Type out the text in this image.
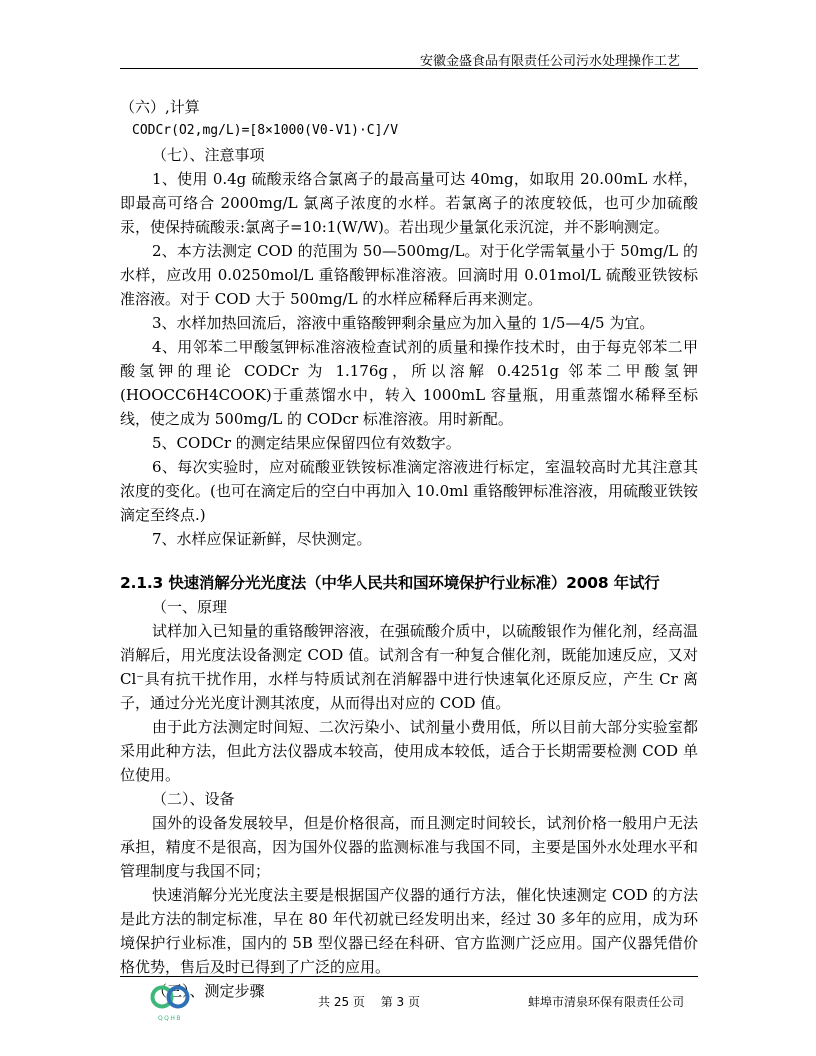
安徽金盛食品有限责任公司污水处理操作工艺

（六）,计算

CODCr(O2,mg/L)=[8×1000(V0-V1)·C]/V

（七）、注意事项

1、使用 0.4g 硫酸汞络合氯离子的最高量可达 40mg，如取用 20.00mL 水样，即最高可络合 2000mg/L 氯离子浓度的水样。若氯离子的浓度较低，也可少加硫酸汞，使保持硫酸汞:氯离子=10:1(W/W)。若出现少量氯化汞沉淀，并不影响测定。

2、本方法测定 COD 的范围为 50—500mg/L。对于化学需氧量小于 50mg/L 的水样，应改用 0.0250mol/L 重铬酸钾标准溶液。回滴时用 0.01mol/L 硫酸亚铁铵标准溶液。对于 COD 大于 500mg/L 的水样应稀释后再来测定。

3、水样加热回流后，溶液中重铬酸钾剩余量应为加入量的 1/5—4/5 为宜。

4、用邻苯二甲酸氢钾标准溶液检查试剂的质量和操作技术时，由于每克邻苯二甲酸氢钾的理论 CODCr 为 1.176g，所以溶解 0.4251g 邻苯二甲酸氢钾(HOOCC6H4COOK)于重蒸馏水中，转入 1000mL 容量瓶，用重蒸馏水稀释至标线，使之成为 500mg/L 的 CODcr 标准溶液。用时新配。

5、CODCr 的测定结果应保留四位有效数字。

6、每次实验时，应对硫酸亚铁铵标准滴定溶液进行标定，室温较高时尤其注意其浓度的变化。(也可在滴定后的空白中再加入 10.0ml 重铬酸钾标准溶液，用硫酸亚铁铵滴定至终点.)

7、水样应保证新鲜，尽快测定。

2.1.3 快速消解分光光度法（中华人民共和国环境保护行业标准）2008 年试行

（一、原理

试样加入已知量的重铬酸钾溶液，在强硫酸介质中，以硫酸银作为催化剂，经高温消解后，用光度法设备测定 COD 值。试剂含有一种复合催化剂，既能加速反应，又对 Cl⁻具有抗干扰作用，水样与特质试剂在消解器中进行快速氧化还原反应，产生 Cr 离子，通过分光光度计测其浓度，从而得出对应的 COD 值。

由于此方法测定时间短、二次污染小、试剂量小费用低，所以目前大部分实验室都采用此种方法，但此方法仪器成本较高，使用成本较低，适合于长期需要检测 COD 单位使用。

（二）、设备

国外的设备发展较早，但是价格很高，而且测定时间较长，试剂价格一般用户无法承担，精度不是很高，因为国外仪器的监测标准与我国不同，主要是国外水处理水平和管理制度与我国不同；

快速消解分光光度法主要是根据国产仪器的通行方法，催化快速测定 COD 的方法是此方法的制定标准，早在 80 年代初就已经发明出来，经过 30 多年的应用，成为环境保护行业标准，国内的 5B 型仪器已经在科研、官方监测广泛应用。国产仪器凭借价格优势，售后及时已得到了广泛的应用。

（三）、测定步骤

QQHB
共 25 页　 第 3 页	蚌埠市清泉环保有限责任公司
